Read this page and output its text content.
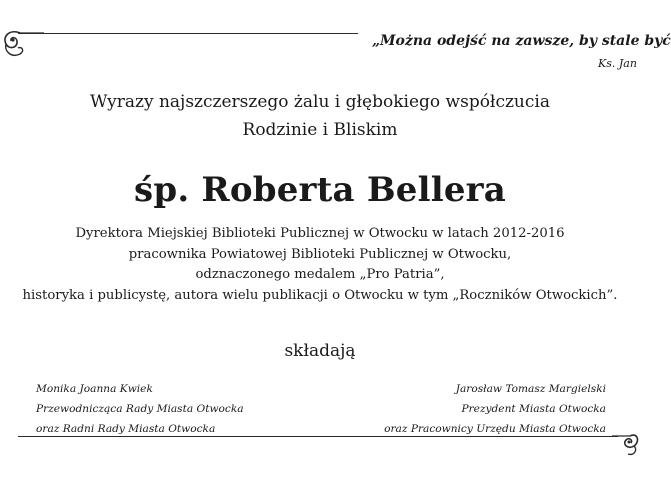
„Można odejść na zawsze, by stale być
Ks. Jan
Wyrazy najszczerszego żalu i głębokiego współczucia
Rodzinie i Bliskim
śp. Roberta Bellera
Dyrektora Miejskiej Biblioteki Publicznej w Otwocku w latach 2012-2016
pracownika Powiatowej Biblioteki Publicznej w Otwocku,
odznaczonego medalem „Pro Patria”,
historyka i publicystę, autora wielu publikacji o Otwocku w tym „Roczników Otwockich”.
składają
Monika Joanna Kwiek
Przewodnicząca Rady Miasta Otwocka
oraz Radni Rady Miasta Otwocka
Jarosław Tomasz Margielski
Prezydent Miasta Otwocka
oraz Pracownicy Urzędu Miasta Otwocka
